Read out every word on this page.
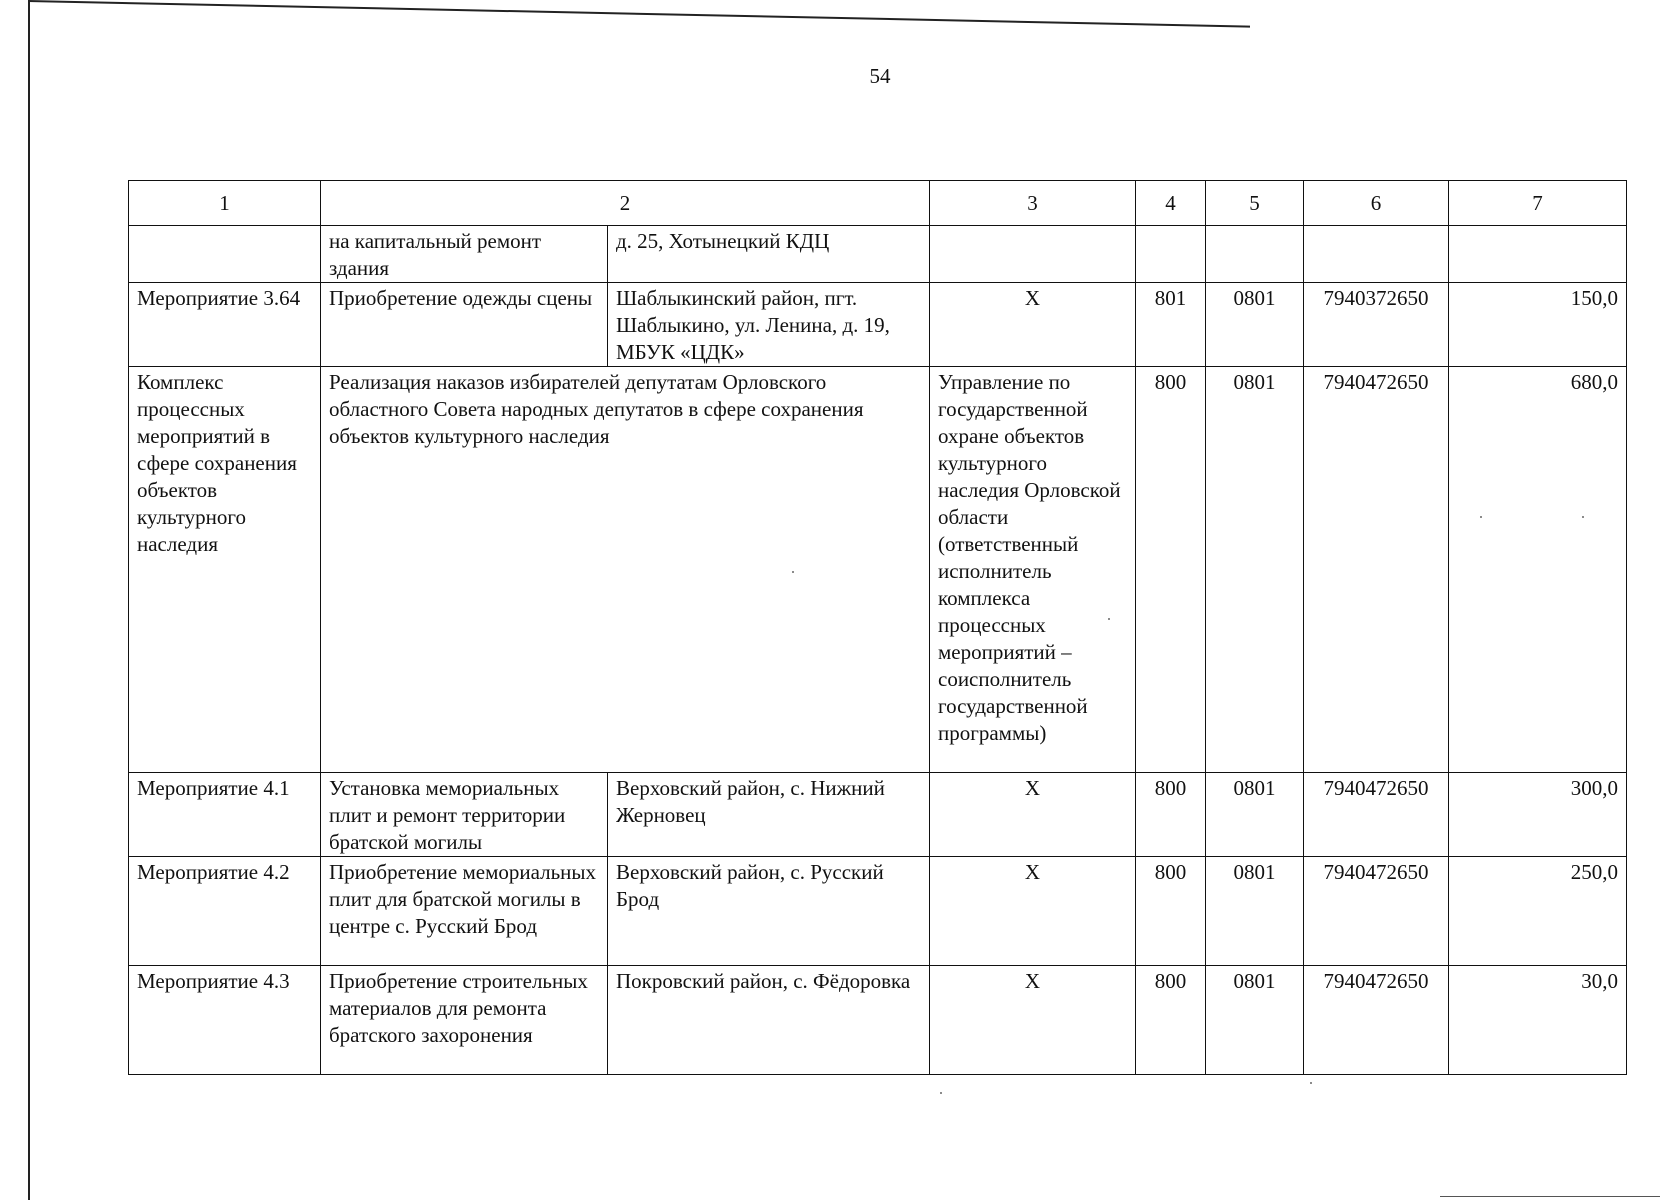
54
1	2		3	4	5	6	7
	на капитальный ремонт здания	д. 25, Хотынецкий КДЦ					
Мероприятие 3.64	Приобретение одежды сцены	Шаблыкинский район, пгт. Шаблыкино, ул. Ленина, д. 19, МБУК «ЦДК»	Х	801	0801	7940372650	150,0
Комплекс процессных мероприятий в сфере сохранения объектов культурного наследия	Реализация наказов избирателей депутатам Орловского областного Совета народных депутатов в сфере сохранения объектов культурного наследия		Управление по государственной охране объектов культурного наследия Орловской области (ответственный исполнитель комплекса процессных мероприятий – соисполнитель государственной программы)	800	0801	7940472650	680,0
Мероприятие 4.1	Установка мемориальных плит и ремонт территории братской могилы	Верховский район, с. Нижний Жерновец	Х	800	0801	7940472650	300,0
Мероприятие 4.2	Приобретение мемориальных плит для братской могилы в центре с. Русский Брод	Верховский район, с. Русский Брод	Х	800	0801	7940472650	250,0
Мероприятие 4.3	Приобретение строительных материалов для ремонта братского захоронения	Покровский район, с. Фёдоровка	Х	800	0801	7940472650	30,0
